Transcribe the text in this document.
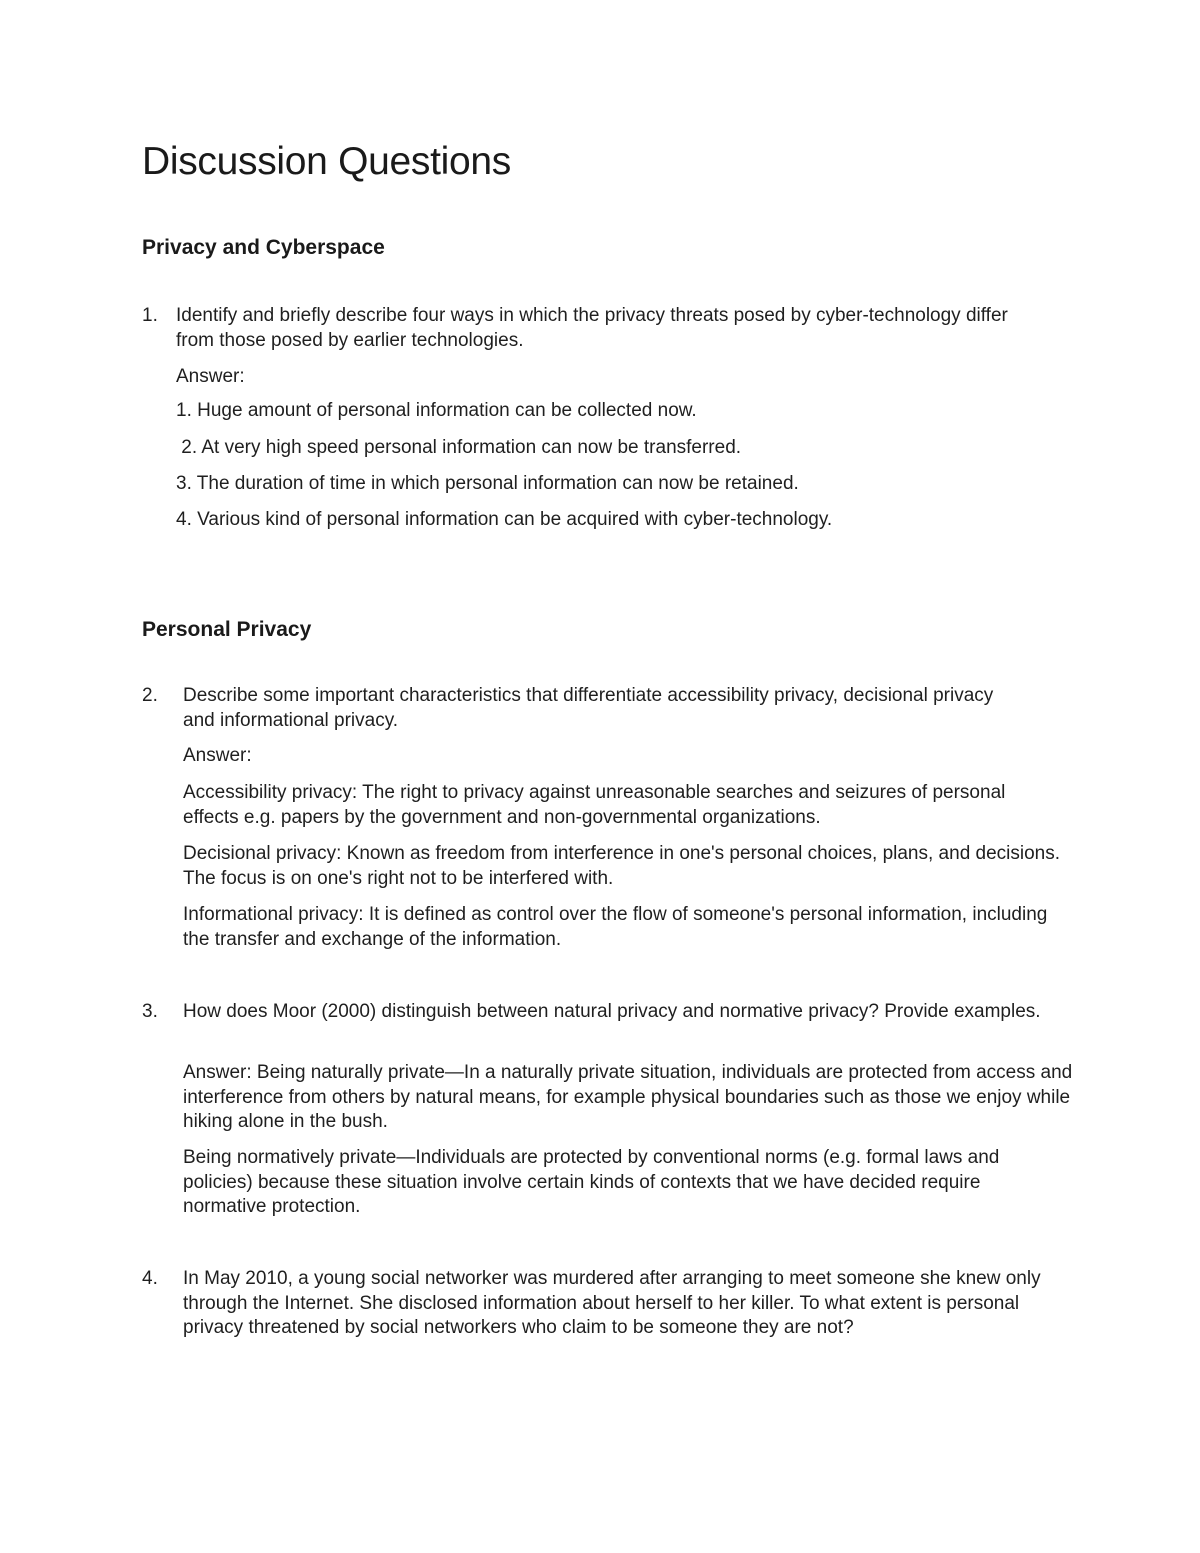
Discussion Questions
Privacy and Cyberspace
1. Identify and briefly describe four ways in which the privacy threats posed by cyber-technology differ from those posed by earlier technologies.

Answer:

1. Huge amount of personal information can be collected now.

2. At very high speed personal information can now be transferred.

3. The duration of time in which personal information can now be retained.

4. Various kind of personal information can be acquired with cyber-technology.

Personal Privacy
2. Describe some important characteristics that differentiate accessibility privacy, decisional privacy and informational privacy.

Answer:

Accessibility privacy: The right to privacy against unreasonable searches and seizures of personal effects e.g. papers by the government and non-governmental organizations.

Decisional privacy: Known as freedom from interference in one's personal choices, plans, and decisions. The focus is on one's right not to be interfered with.

Informational privacy: It is defined as control over the flow of someone's personal information, including the transfer and exchange of the information.

3. How does Moor (2000) distinguish between natural privacy and normative privacy? Provide examples.

Answer: Being naturally private—In a naturally private situation, individuals are protected from access and interference from others by natural means, for example physical boundaries such as those we enjoy while hiking alone in the bush.

Being normatively private—Individuals are protected by conventional norms (e.g. formal laws and policies) because these situation involve certain kinds of contexts that we have decided require normative protection.

4. In May 2010, a young social networker was murdered after arranging to meet someone she knew only through the Internet. She disclosed information about herself to her killer. To what extent is personal privacy threatened by social networkers who claim to be someone they are not?
